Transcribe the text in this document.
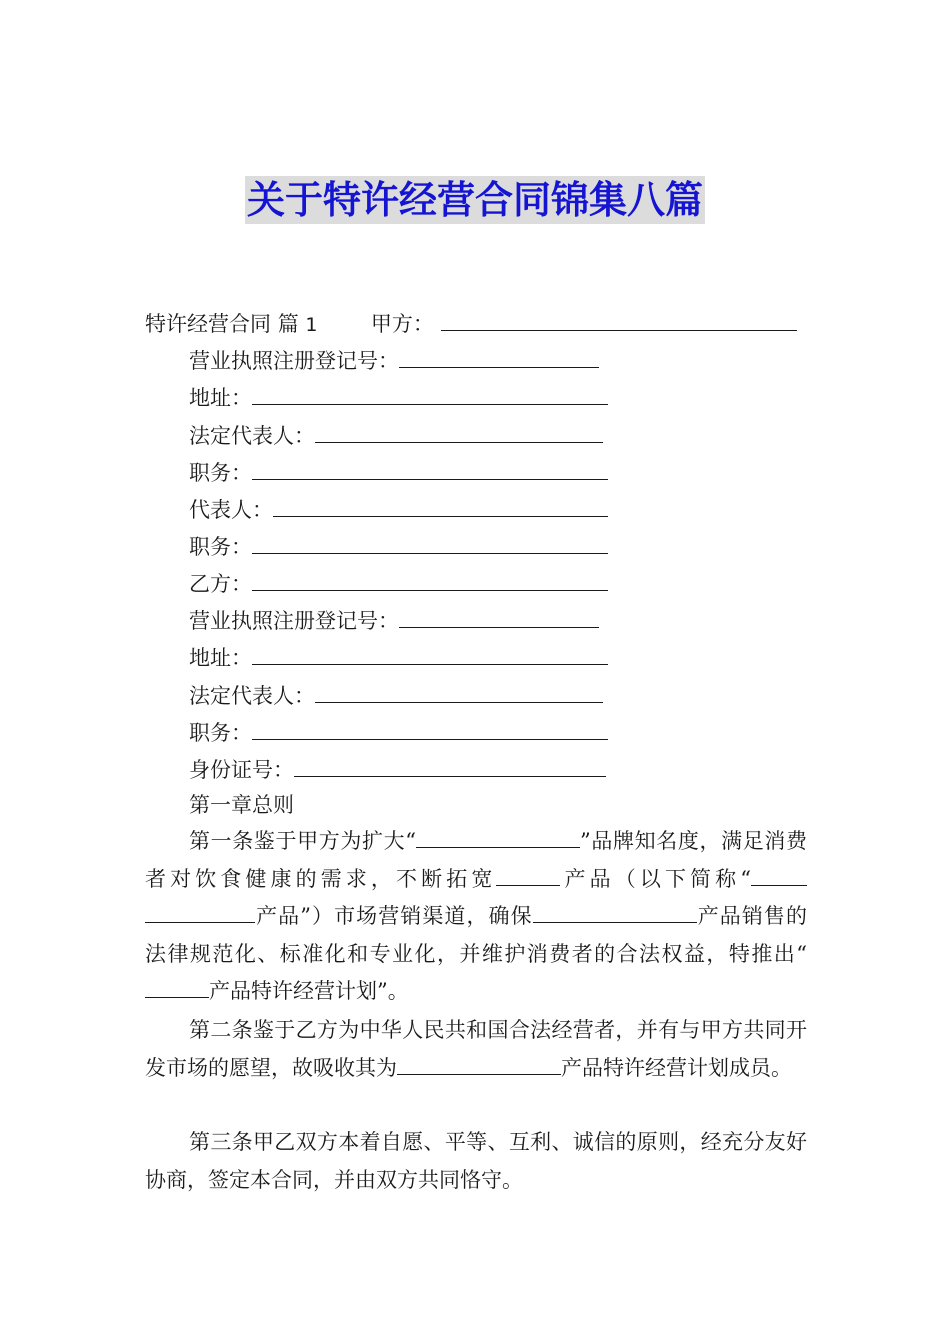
关于特许经营合同锦集八篇
特许经营合同 篇 1	甲方：
营业执照注册登记号：
地址：
法定代表人：
职务：
代表人：
职务：
乙方：
营业执照注册登记号：
地址：
法定代表人：
职务：
身份证号：
第一章总则
第一条鉴于甲方为扩大“	”品牌知名度，满足消费者对饮食健康的需求，不断拓宽	产品（以下简称“产品”）市场营销渠道，确保	产品销售的法律规范化、标准化和专业化，并维护消费者的合法权益，特推出“产品特许经营计划”。
第二条鉴于乙方为中华人民共和国合法经营者，并有与甲方共同开发市场的愿望，故吸收其为	产品特许经营计划成员。
第三条甲乙双方本着自愿、平等、互利、诚信的原则，经充分友好协商，签定本合同，并由双方共同恪守。
